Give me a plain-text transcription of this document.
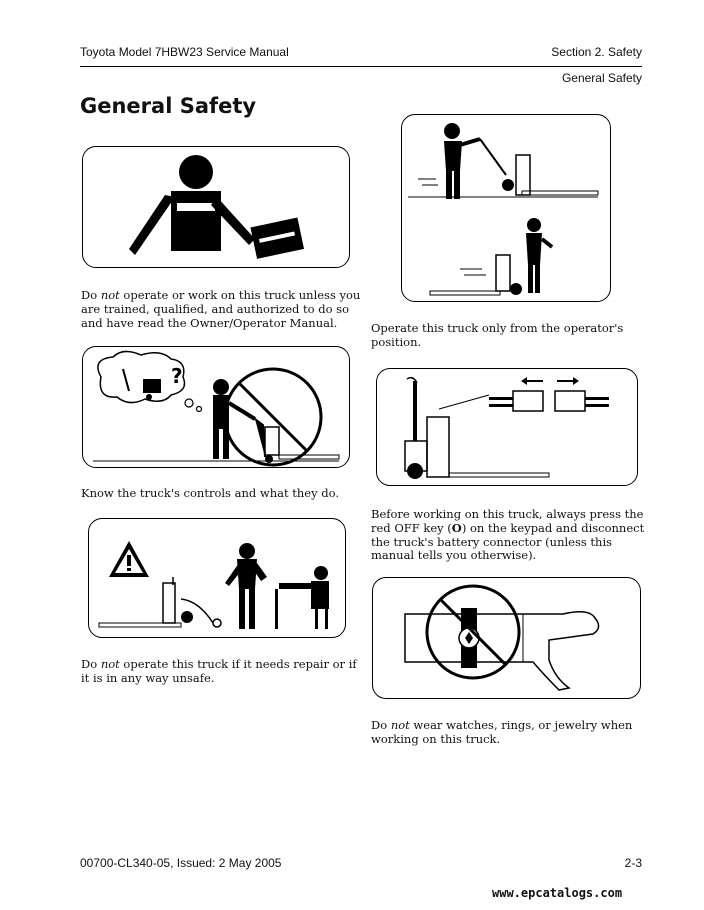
Toyota Model 7HBW23 Service Manual	Section 2. Safety
General Safety
General Safety
Do not operate or work on this truck unless you
are trained, qualified, and authorized to do so
and have read the Owner/Operator Manual.
?
Know the truck's controls and what they do.
Do not operate this truck if it needs repair or if
it is in any way unsafe.
Operate this truck only from the operator's
position.
Before working on this truck, always press the
red OFF key (O) on the keypad and disconnect
the truck's battery connector (unless this
manual tells you otherwise).
Do not wear watches, rings, or jewelry when
working on this truck.
00700-CL340-05, Issued: 2 May 2005	2-3
www.epcatalogs.com
